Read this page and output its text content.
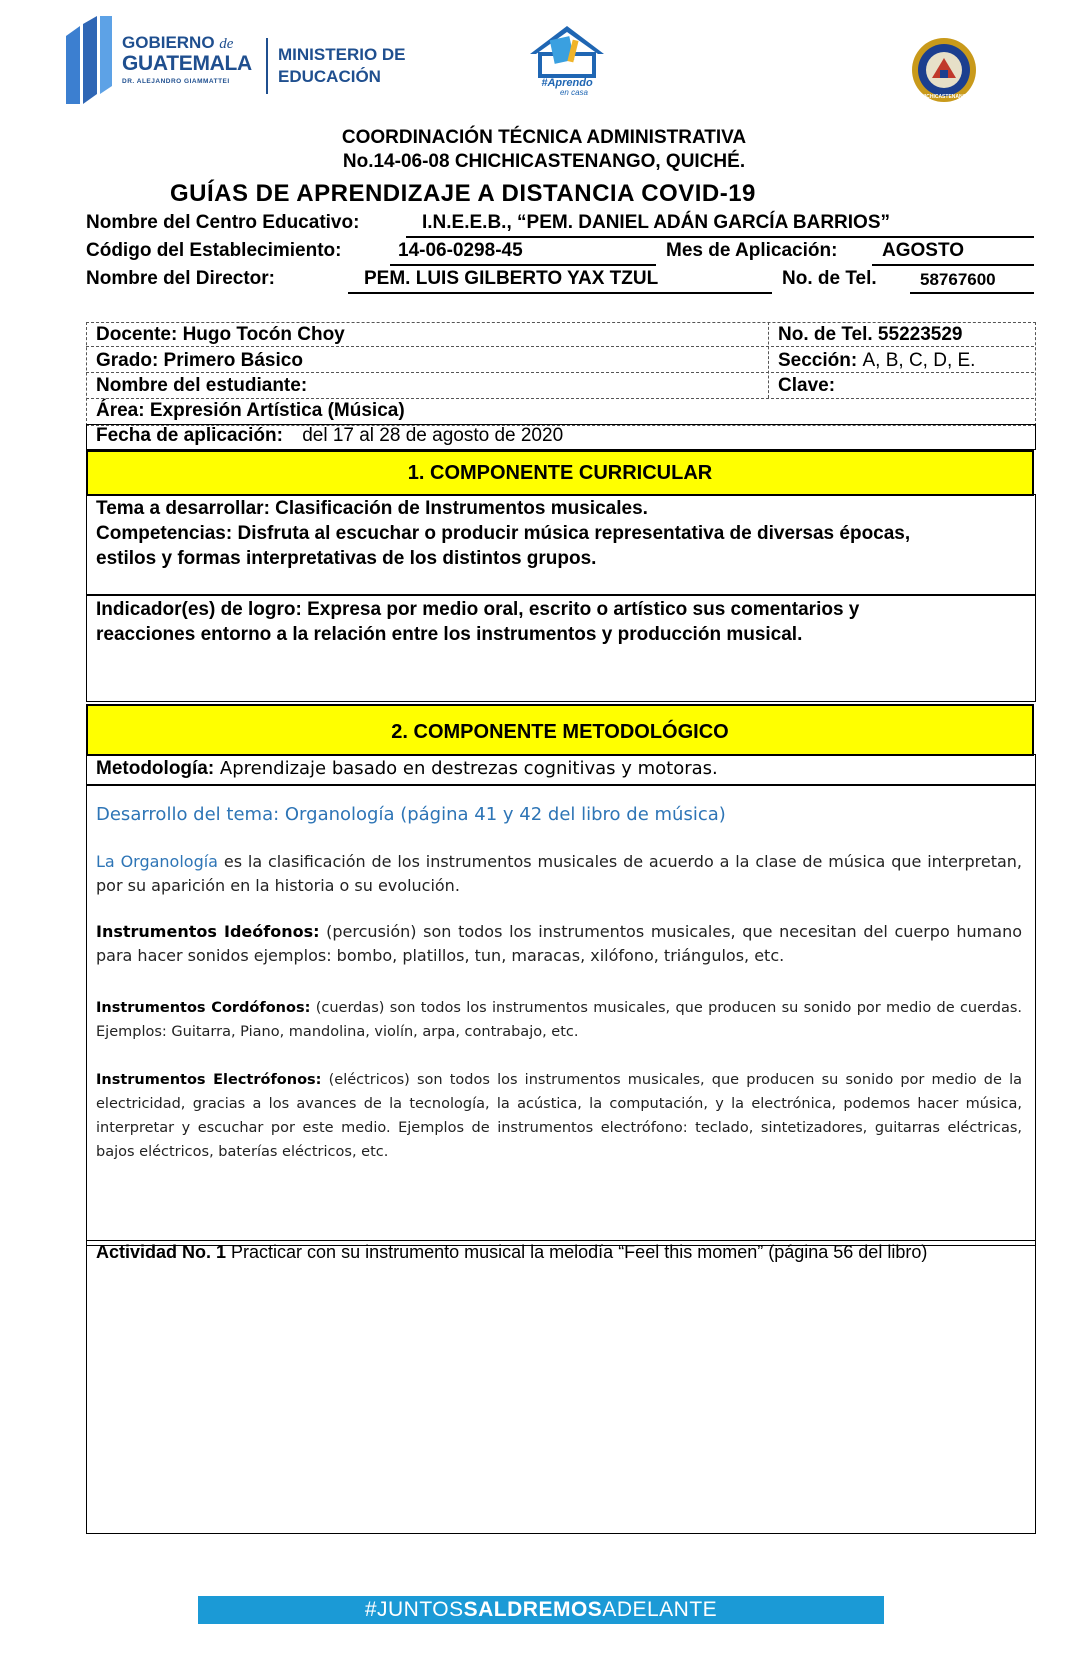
GOBIERNO de
GUATEMALA
DR. ALEJANDRO GIAMMATTEI
MINISTERIO DE
EDUCACIÓN	#Aprendo
en casa	CHICHICASTENANGO
COORDINACIÓN TÉCNICA ADMINISTRATIVA
No.14-06-08 CHICHICASTENANGO, QUICHÉ.
GUÍAS DE APRENDIZAJE A DISTANCIA COVID-19
Nombre del Centro Educativo:	I.N.E.E.B., “PEM. DANIEL ADÁN GARCÍA BARRIOS”
Código del Establecimiento:	14-06-0298-45	Mes de Aplicación: AGOSTO
Nombre del Director:	PEM. LUIS GILBERTO YAX TZUL	No. de Tel.	58767600
Docente: Hugo Tocón Choy	No. de Tel. 55223529
Grado: Primero Básico	Sección: A, B, C, D, E.
Nombre del estudiante:	Clave:
Área: Expresión Artística (Música)
Fecha de aplicación: del 17 al 28 de agosto de 2020
1. COMPONENTE CURRICULAR
Tema a desarrollar: Clasificación de Instrumentos musicales.
Competencias: Disfruta al escuchar o producir música representativa de diversas épocas,
estilos y formas interpretativas de los distintos grupos.
Indicador(es) de logro: Expresa por medio oral, escrito o artístico sus comentarios y
reacciones entorno a la relación entre los instrumentos y producción musical.
2. COMPONENTE METODOLÓGICO
Metodología: Aprendizaje basado en destrezas cognitivas y motoras.
Desarrollo del tema: Organología (página 41 y 42 del libro de música)
La Organología es la clasificación de los instrumentos musicales de acuerdo a la clase de música que interpretan, por su aparición en la historia o su evolución.
Instrumentos Ideófonos: (percusión) son todos los instrumentos musicales, que necesitan del cuerpo humano para hacer sonidos ejemplos: bombo, platillos, tun, maracas, xilófono, triángulos, etc.
Instrumentos Cordófonos: (cuerdas) son todos los instrumentos musicales, que producen su sonido por medio de cuerdas. Ejemplos: Guitarra, Piano, mandolina, violín, arpa, contrabajo, etc.
Instrumentos Electrófonos: (eléctricos) son todos los instrumentos musicales, que producen su sonido por medio de la electricidad, gracias a los avances de la tecnología, la acústica, la computación, y la electrónica, podemos hacer música, interpretar y escuchar por este medio. Ejemplos de instrumentos electrófono: teclado, sintetizadores, guitarras eléctricas, bajos eléctricos, baterías eléctricos, etc.
Actividad No. 1 Practicar con su instrumento musical la melodía “Feel this momen” (página 56 del libro)
#JUNTOSSALDREMOSADELANTE
